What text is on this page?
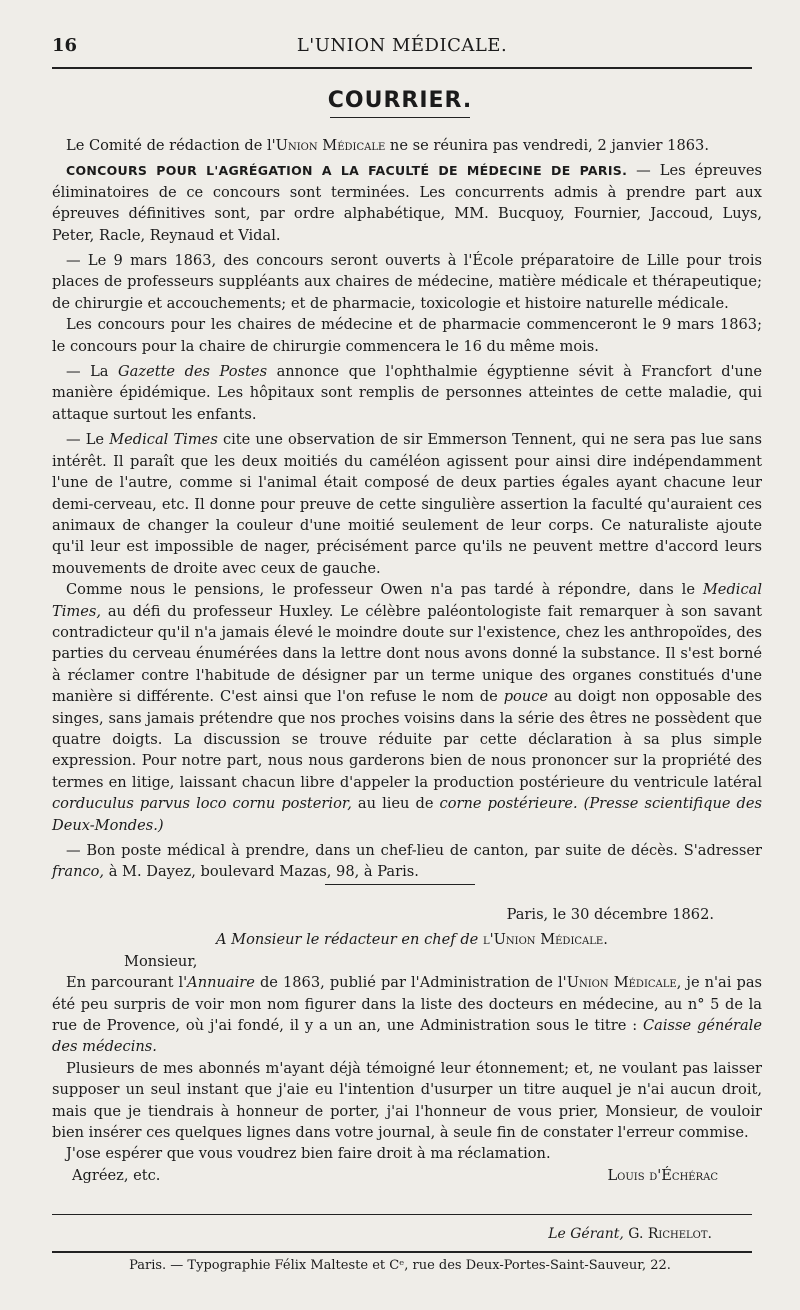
16	L'UNION MÉDICALE.
COURRIER.

Le Comité de rédaction de l'Union Médicale ne se réunira pas vendredi, 2 janvier 1863.

CONCOURS POUR L'AGRÉGATION A LA FACULTÉ DE MÉDECINE DE PARIS. — Les épreuves éliminatoires de ce concours sont terminées. Les concurrents admis à prendre part aux épreuves définitives sont, par ordre alphabétique, MM. Bucquoy, Fournier, Jaccoud, Luys, Peter, Racle, Reynaud et Vidal.

— Le 9 mars 1863, des concours seront ouverts à l'École préparatoire de Lille pour trois places de professeurs suppléants aux chaires de médecine, matière médicale et thérapeutique; de chirurgie et accouchements; et de pharmacie, toxicologie et histoire naturelle médicale.

Les concours pour les chaires de médecine et de pharmacie commenceront le 9 mars 1863; le concours pour la chaire de chirurgie commencera le 16 du même mois.

— La Gazette des Postes annonce que l'ophthalmie égyptienne sévit à Francfort d'une manière épidémique. Les hôpitaux sont remplis de personnes atteintes de cette maladie, qui attaque surtout les enfants.

— Le Medical Times cite une observation de sir Emmerson Tennent, qui ne sera pas lue sans intérêt. Il paraît que les deux moitiés du caméléon agissent pour ainsi dire indépendamment l'une de l'autre, comme si l'animal était composé de deux parties égales ayant chacune leur demi-cerveau, etc. Il donne pour preuve de cette singulière assertion la faculté qu'auraient ces animaux de changer la couleur d'une moitié seulement de leur corps. Ce naturaliste ajoute qu'il leur est impossible de nager, précisément parce qu'ils ne peuvent mettre d'accord leurs mouvements de droite avec ceux de gauche.

Comme nous le pensions, le professeur Owen n'a pas tardé à répondre, dans le Medical Times, au défi du professeur Huxley. Le célèbre paléontologiste fait remarquer à son savant contradicteur qu'il n'a jamais élevé le moindre doute sur l'existence, chez les anthropoïdes, des parties du cerveau énumérées dans la lettre dont nous avons donné la substance. Il s'est borné à réclamer contre l'habitude de désigner par un terme unique des organes constitués d'une manière si différente. C'est ainsi que l'on refuse le nom de pouce au doigt non opposable des singes, sans jamais prétendre que nos proches voisins dans la série des êtres ne possèdent que quatre doigts. La discussion se trouve réduite par cette déclaration à sa plus simple expression. Pour notre part, nous nous garderons bien de nous prononcer sur la propriété des termes en litige, laissant chacun libre d'appeler la production postérieure du ventricule latéral corduculus parvus loco cornu posterior, au lieu de corne postérieure. (Presse scientifique des Deux-Mondes.)

— Bon poste médical à prendre, dans un chef-lieu de canton, par suite de décès. S'adresser franco, à M. Dayez, boulevard Mazas, 98, à Paris.

Paris, le 30 décembre 1862.

A Monsieur le rédacteur en chef de l'Union Médicale.

Monsieur,

En parcourant l'Annuaire de 1863, publié par l'Administration de l'Union Médicale, je n'ai pas été peu surpris de voir mon nom figurer dans la liste des docteurs en médecine, au n° 5 de la rue de Provence, où j'ai fondé, il y a un an, une Administration sous le titre : Caisse générale des médecins.

Plusieurs de mes abonnés m'ayant déjà témoigné leur étonnement; et, ne voulant pas laisser supposer un seul instant que j'aie eu l'intention d'usurper un titre auquel je n'ai aucun droit, mais que je tiendrais à honneur de porter, j'ai l'honneur de vous prier, Monsieur, de vouloir bien insérer ces quelques lignes dans votre journal, à seule fin de constater l'erreur commise.

J'ose espérer que vous voudrez bien faire droit à ma réclamation.

Agréez, etc.	Louis d'Échérac
Le Gérant, G. Richelot.
Paris. — Typographie Félix Malteste et Cᵉ, rue des Deux-Portes-Saint-Sauveur, 22.
